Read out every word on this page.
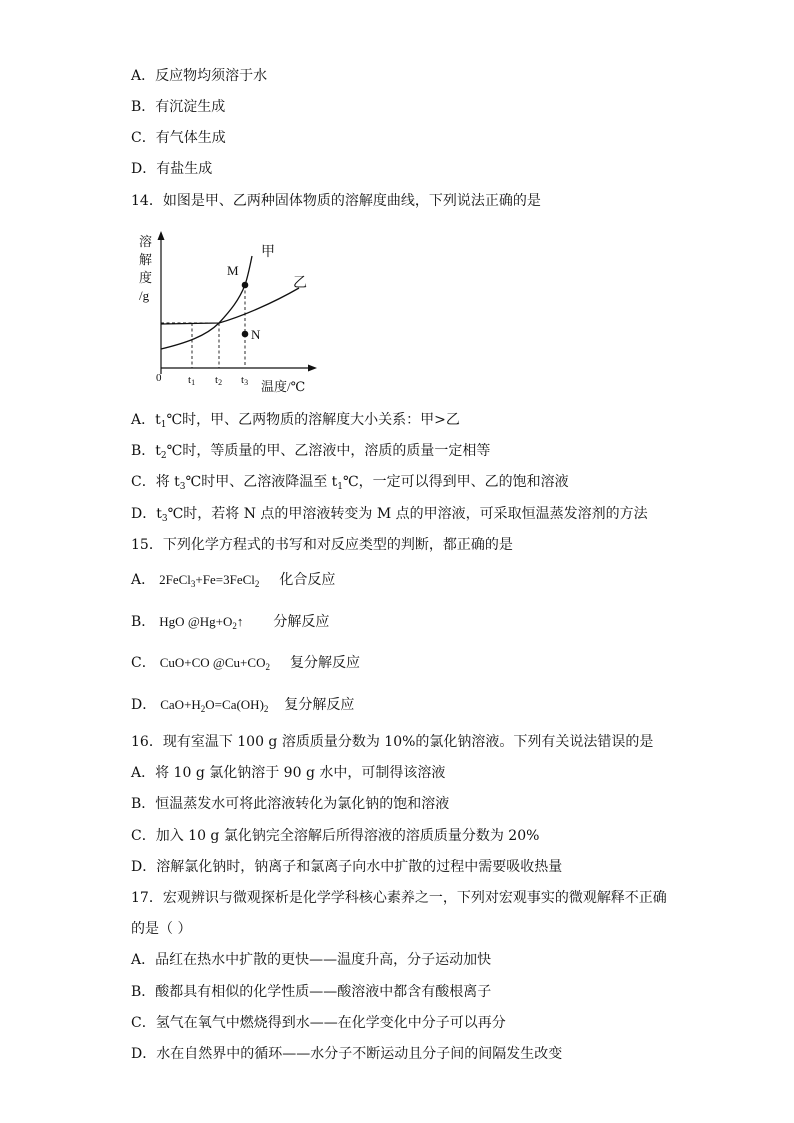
A．反应物均须溶于水
B．有沉淀生成
C．有气体生成
D．有盐生成
14．如图是甲、乙两种固体物质的溶解度曲线，下列说法正确的是
溶
解
度
/g
0
M
N
甲
乙
t1 t2 t3 温度/℃
A．$t_1℃$时，甲、乙两物质的溶解度大小关系：甲>乙
B．$t_2℃$时，等质量的甲、乙溶液中，溶质的质量一定相等
C．将 $t_3℃$时甲、乙溶液降温至 $t_1℃$，一定可以得到甲、乙的饱和溶液
D．$t_3℃$时，若将 N 点的甲溶液转变为 M 点的甲溶液，可采取恒温蒸发溶剂的方法
15．下列化学方程式的书写和对反应类型的判断，都正确的是
A． 2FeCl$_3$+Fe=3FeCl$_2$ 化合反应
B． HgO $@Hg+O_2↑$ 分解反应
C． CuO+CO $@Cu+CO_2$ 复分解反应
D． $CaO+H_2O=Ca(OH)_2$ 复分解反应
16．现有室温下 100 g 溶质质量分数为 10%的氯化钠溶液。下列有关说法错误的是
A．将 10 g 氯化钠溶于 90 g 水中，可制得该溶液
B．恒温蒸发水可将此溶液转化为氯化钠的饱和溶液
C．加入 10 g 氯化钠完全溶解后所得溶液的溶质质量分数为 20%
D．溶解氯化钠时，钠离子和氯离子向水中扩散的过程中需要吸收热量
17．宏观辨识与微观探析是化学学科核心素养之一，下列对宏观事实的微观解释不正确
的是（ ）
A．品红在热水中扩散的更快——温度升高，分子运动加快
B．酸都具有相似的化学性质——酸溶液中都含有酸根离子
C．氢气在氧气中燃烧得到水——在化学变化中分子可以再分
D．水在自然界中的循环——水分子不断运动且分子间的间隔发生改变
